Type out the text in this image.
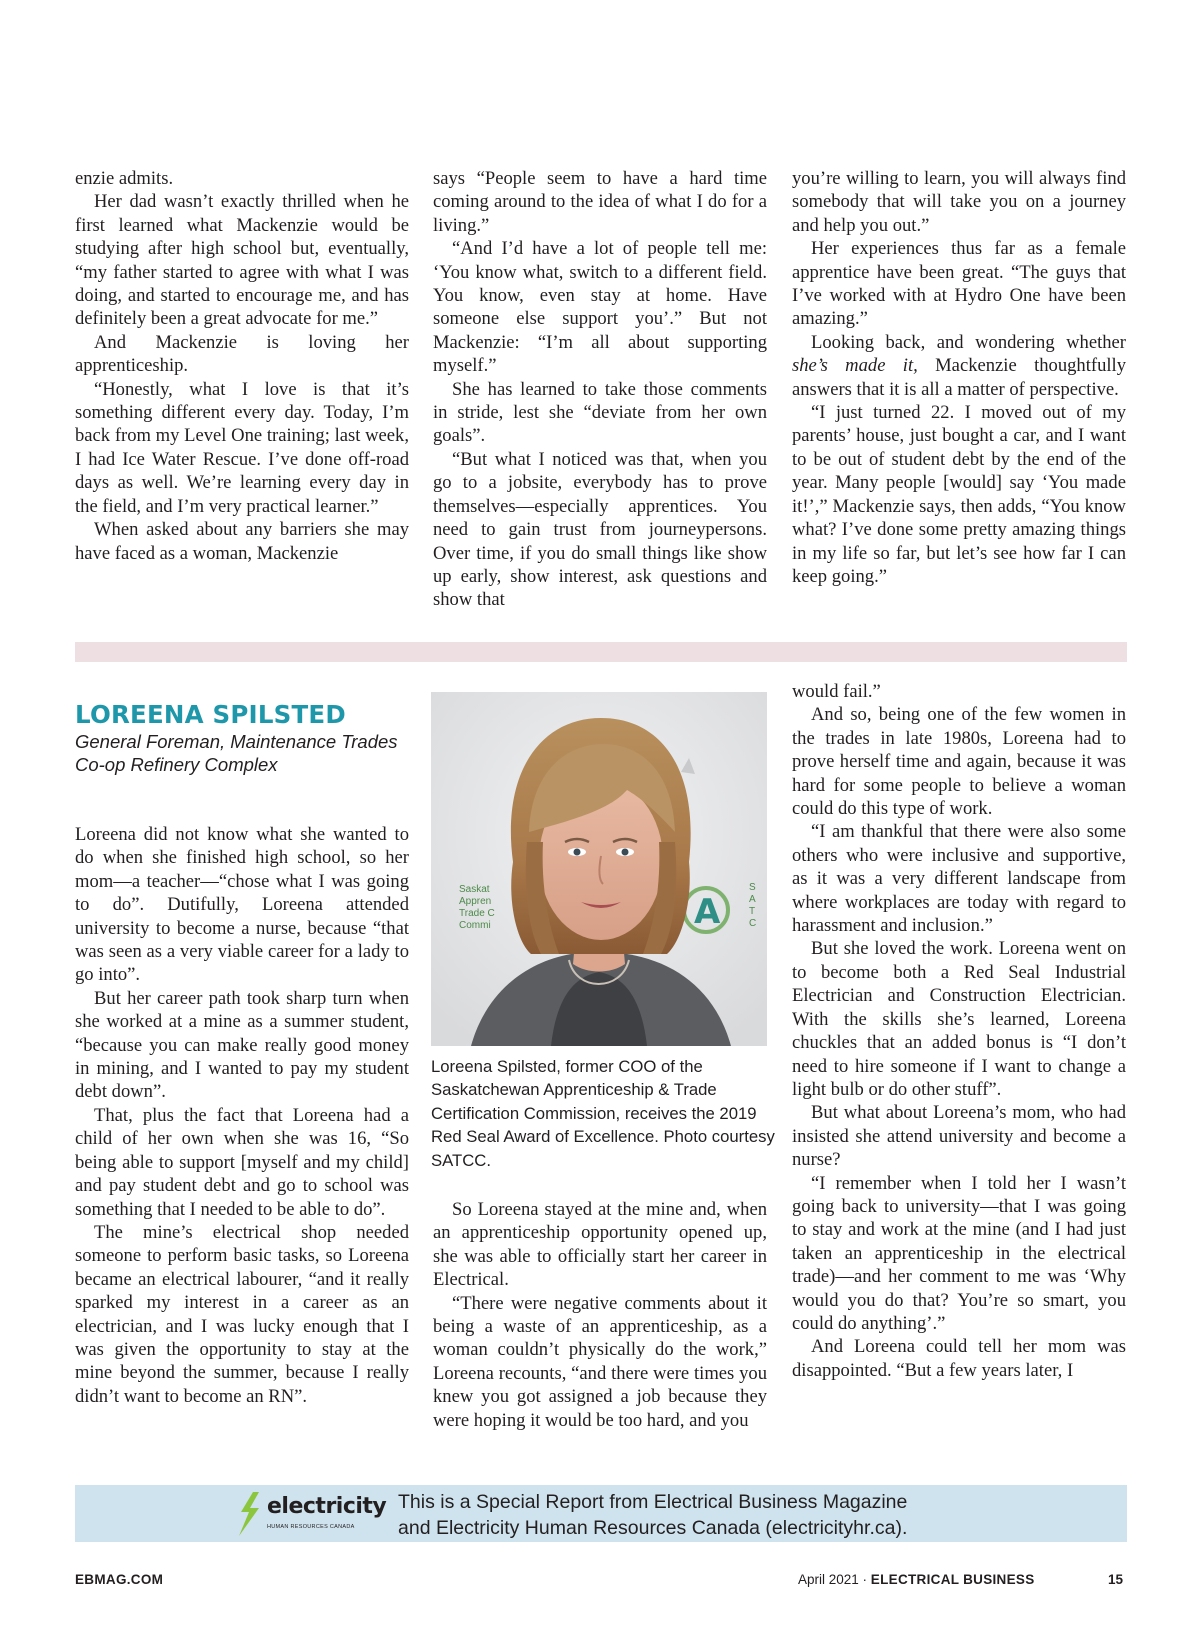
enzie admits.

Her dad wasn’t exactly thrilled when he first learned what Mackenzie would be studying after high school but, eventually, “my father started to agree with what I was doing, and started to encourage me, and has definitely been a great advocate for me.”

And Mackenzie is loving her apprenticeship.

“Honestly, what I love is that it’s something different every day. Today, I’m back from my Level One training; last week, I had Ice Water Rescue. I’ve done off-road days as well. We’re learning every day in the field, and I’m very practical learner.”

When asked about any barriers she may have faced as a woman, Mackenzie

says “People seem to have a hard time coming around to the idea of what I do for a living.”

“And I’d have a lot of people tell me: ‘You know what, switch to a different field. You know, even stay at home. Have someone else support you’.” But not Mackenzie: “I’m all about supporting myself.”

She has learned to take those comments in stride, lest she “deviate from her own goals”.

“But what I noticed was that, when you go to a jobsite, everybody has to prove themselves—especially apprentices. You need to gain trust from journeypersons. Over time, if you do small things like show up early, show interest, ask questions and show that

you’re willing to learn, you will always find somebody that will take you on a journey and help you out.”

Her experiences thus far as a female apprentice have been great. “The guys that I’ve worked with at Hydro One have been amazing.”

Looking back, and wondering whether she’s made it, Mackenzie thoughtfully answers that it is all a matter of perspective.

“I just turned 22. I moved out of my parents’ house, just bought a car, and I want to be out of student debt by the end of the year. Many people [would] say ‘You made it!’,” Mackenzie says, then adds, “You know what? I’ve done some pretty amazing things in my life so far, but let’s see how far I can keep going.”

LOREENA SPILSTED
General Foreman, Maintenance Trades
Co-op Refinery Complex

Loreena did not know what she wanted to do when she finished high school, so her mom—a teacher—“chose what I was going to do”. Dutifully, Loreena attended university to become a nurse, because “that was seen as a very viable career for a lady to go into”.

But her career path took sharp turn when she worked at a mine as a summer student, “because you can make really good money in mining, and I wanted to pay my student debt down”.

That, plus the fact that Loreena had a child of her own when she was 16, “So being able to support [myself and my child] and pay student debt and go to school was something that I needed to be able to do”.

The mine’s electrical shop needed someone to perform basic tasks, so Loreena became an electrical labourer, “and it really sparked my interest in a career as an electrician, and I was lucky enough that I was given the opportunity to stay at the mine beyond the summer, because I really didn’t want to become an RN”.

Saskat
Appren
Trade C
Commi
S
A
T
C
A
Loreena Spilsted, former COO of the Saskatchewan Apprenticeship & Trade Certification Commission, receives the 2019 Red Seal Award of Excellence. Photo courtesy SATCC.

So Loreena stayed at the mine and, when an apprenticeship opportunity opened up, she was able to officially start her career in Electrical.

“There were negative comments about it being a waste of an apprenticeship, as a woman couldn’t physically do the work,” Loreena recounts, “and there were times you knew you got assigned a job because they were hoping it would be too hard, and you

would fail.”

And so, being one of the few women in the trades in late 1980s, Loreena had to prove herself time and again, because it was hard for some people to believe a woman could do this type of work.

“I am thankful that there were also some others who were inclusive and supportive, as it was a very different landscape from where workplaces are today with regard to harassment and inclusion.”

But she loved the work. Loreena went on to become both a Red Seal Industrial Electrician and Construction Electrician. With the skills she’s learned, Loreena chuckles that an added bonus is “I don’t need to hire someone if I want to change a light bulb or do other stuff”.

But what about Loreena’s mom, who had insisted she attend university and become a nurse?

“I remember when I told her I wasn’t going back to university—that I was going to stay and work at the mine (and I had just taken an apprenticeship in the electrical trade)—and her comment to me was ‘Why would you do that? You’re so smart, you could do anything’.”

And Loreena could tell her mom was disappointed. “But a few years later, I

electricity
HUMAN RESOURCES CANADA
This is a Special Report from Electrical Business Magazine
and Electricity Human Resources Canada (electricityhr.ca).
EBMAG.COM	April 2021 · ELECTRICAL BUSINESS	15
